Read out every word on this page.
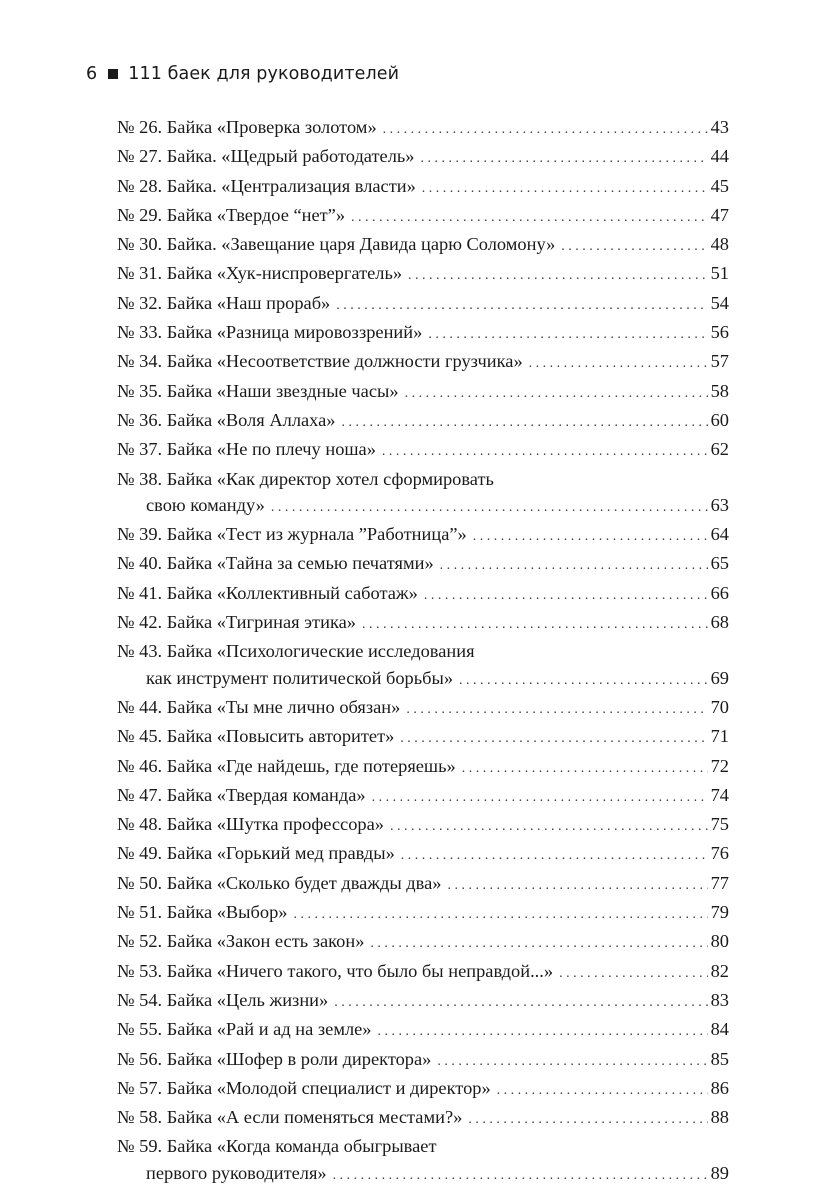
6 111 баек для руководителей
№ 26. Байка «Проверка золотом» . . .	43
№ 27. Байка. «Щедрый работодатель» . . .	44
№ 28. Байка. «Централизация власти» . . .	45
№ 29. Байка «Твердое “нет”» . . .	47
№ 30. Байка. «Завещание царя Давида царю Соломону» . . .	48
№ 31. Байка «Хук-ниспровергатель» . . .	51
№ 32. Байка «Наш прораб» . . .	54
№ 33. Байка «Разница мировоззрений» . . .	56
№ 34. Байка «Несоответствие должности грузчика» . . .	57
№ 35. Байка «Наши звездные часы» . . .	58
№ 36. Байка «Воля Аллаха» . . .	60
№ 37. Байка «Не по плечу ноша» . . .	62
№ 38. Байка «Как директор хотел сформировать
свою команду» . . .	63
№ 39. Байка «Тест из журнала ”Работница”» . . .	64
№ 40. Байка «Тайна за семью печатями» . . .	65
№ 41. Байка «Коллективный саботаж» . . .	66
№ 42. Байка «Тигриная этика» . . .	68
№ 43. Байка «Психологические исследования
как инструмент политической борьбы» . . .	69
№ 44. Байка «Ты мне лично обязан» . . .	70
№ 45. Байка «Повысить авторитет» . . .	71
№ 46. Байка «Где найдешь, где потеряешь» . . .	72
№ 47. Байка «Твердая команда» . . .	74
№ 48. Байка «Шутка профессора» . . .	75
№ 49. Байка «Горький мед правды» . . .	76
№ 50. Байка «Сколько будет дважды два» . . .	77
№ 51. Байка «Выбор» . . .	79
№ 52. Байка «Закон есть закон» . . .	80
№ 53. Байка «Ничего такого, что было бы неправдой...» . . .	82
№ 54. Байка «Цель жизни» . . .	83
№ 55. Байка «Рай и ад на земле» . . .	84
№ 56. Байка «Шофер в роли директора» . . .	85
№ 57. Байка «Молодой специалист и директор» . . .	86
№ 58. Байка «А если поменяться местами?» . . .	88
№ 59. Байка «Когда команда обыгрывает
первого руководителя» . . .	89
